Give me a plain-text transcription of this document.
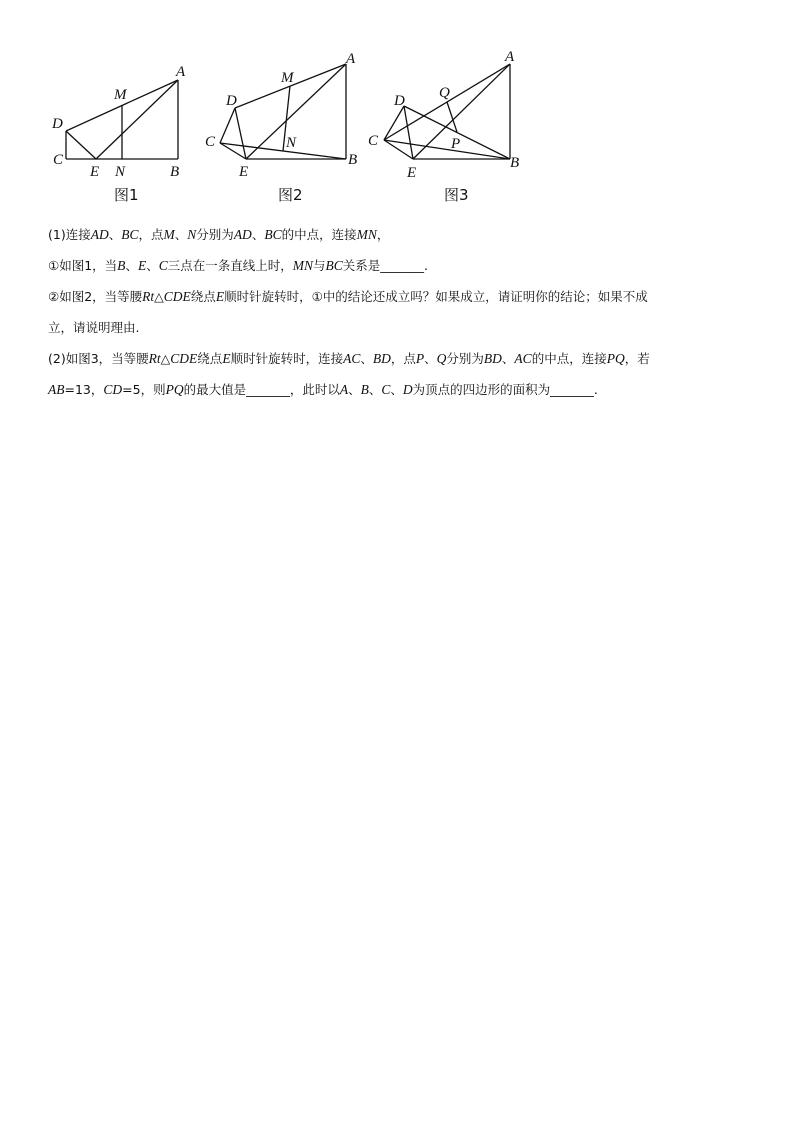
A
M
D
C
E N	B
A
M
D
C	N
E
B
A
Q
D
C	P
E
B
图1	图2	图3
(1)连接AD、BC，点M、N分别为AD、BC的中点，连接MN，
①如图1，当B、E、C三点在一条直线上时，MN与BC关系是_______.
②如图2，当等腰Rt△CDE绕点E顺时针旋转时，①中的结论还成立吗？如果成立，请证明你的结论；如果不成
立，请说明理由.
(2)如图3，当等腰Rt△CDE绕点E顺时针旋转时，连接AC、BD，点P、Q分别为BD、AC的中点，连接PQ，若
AB=13，CD=5，则PQ的最大值是_______，此时以A、B、C、D为顶点的四边形的面积为_______.
